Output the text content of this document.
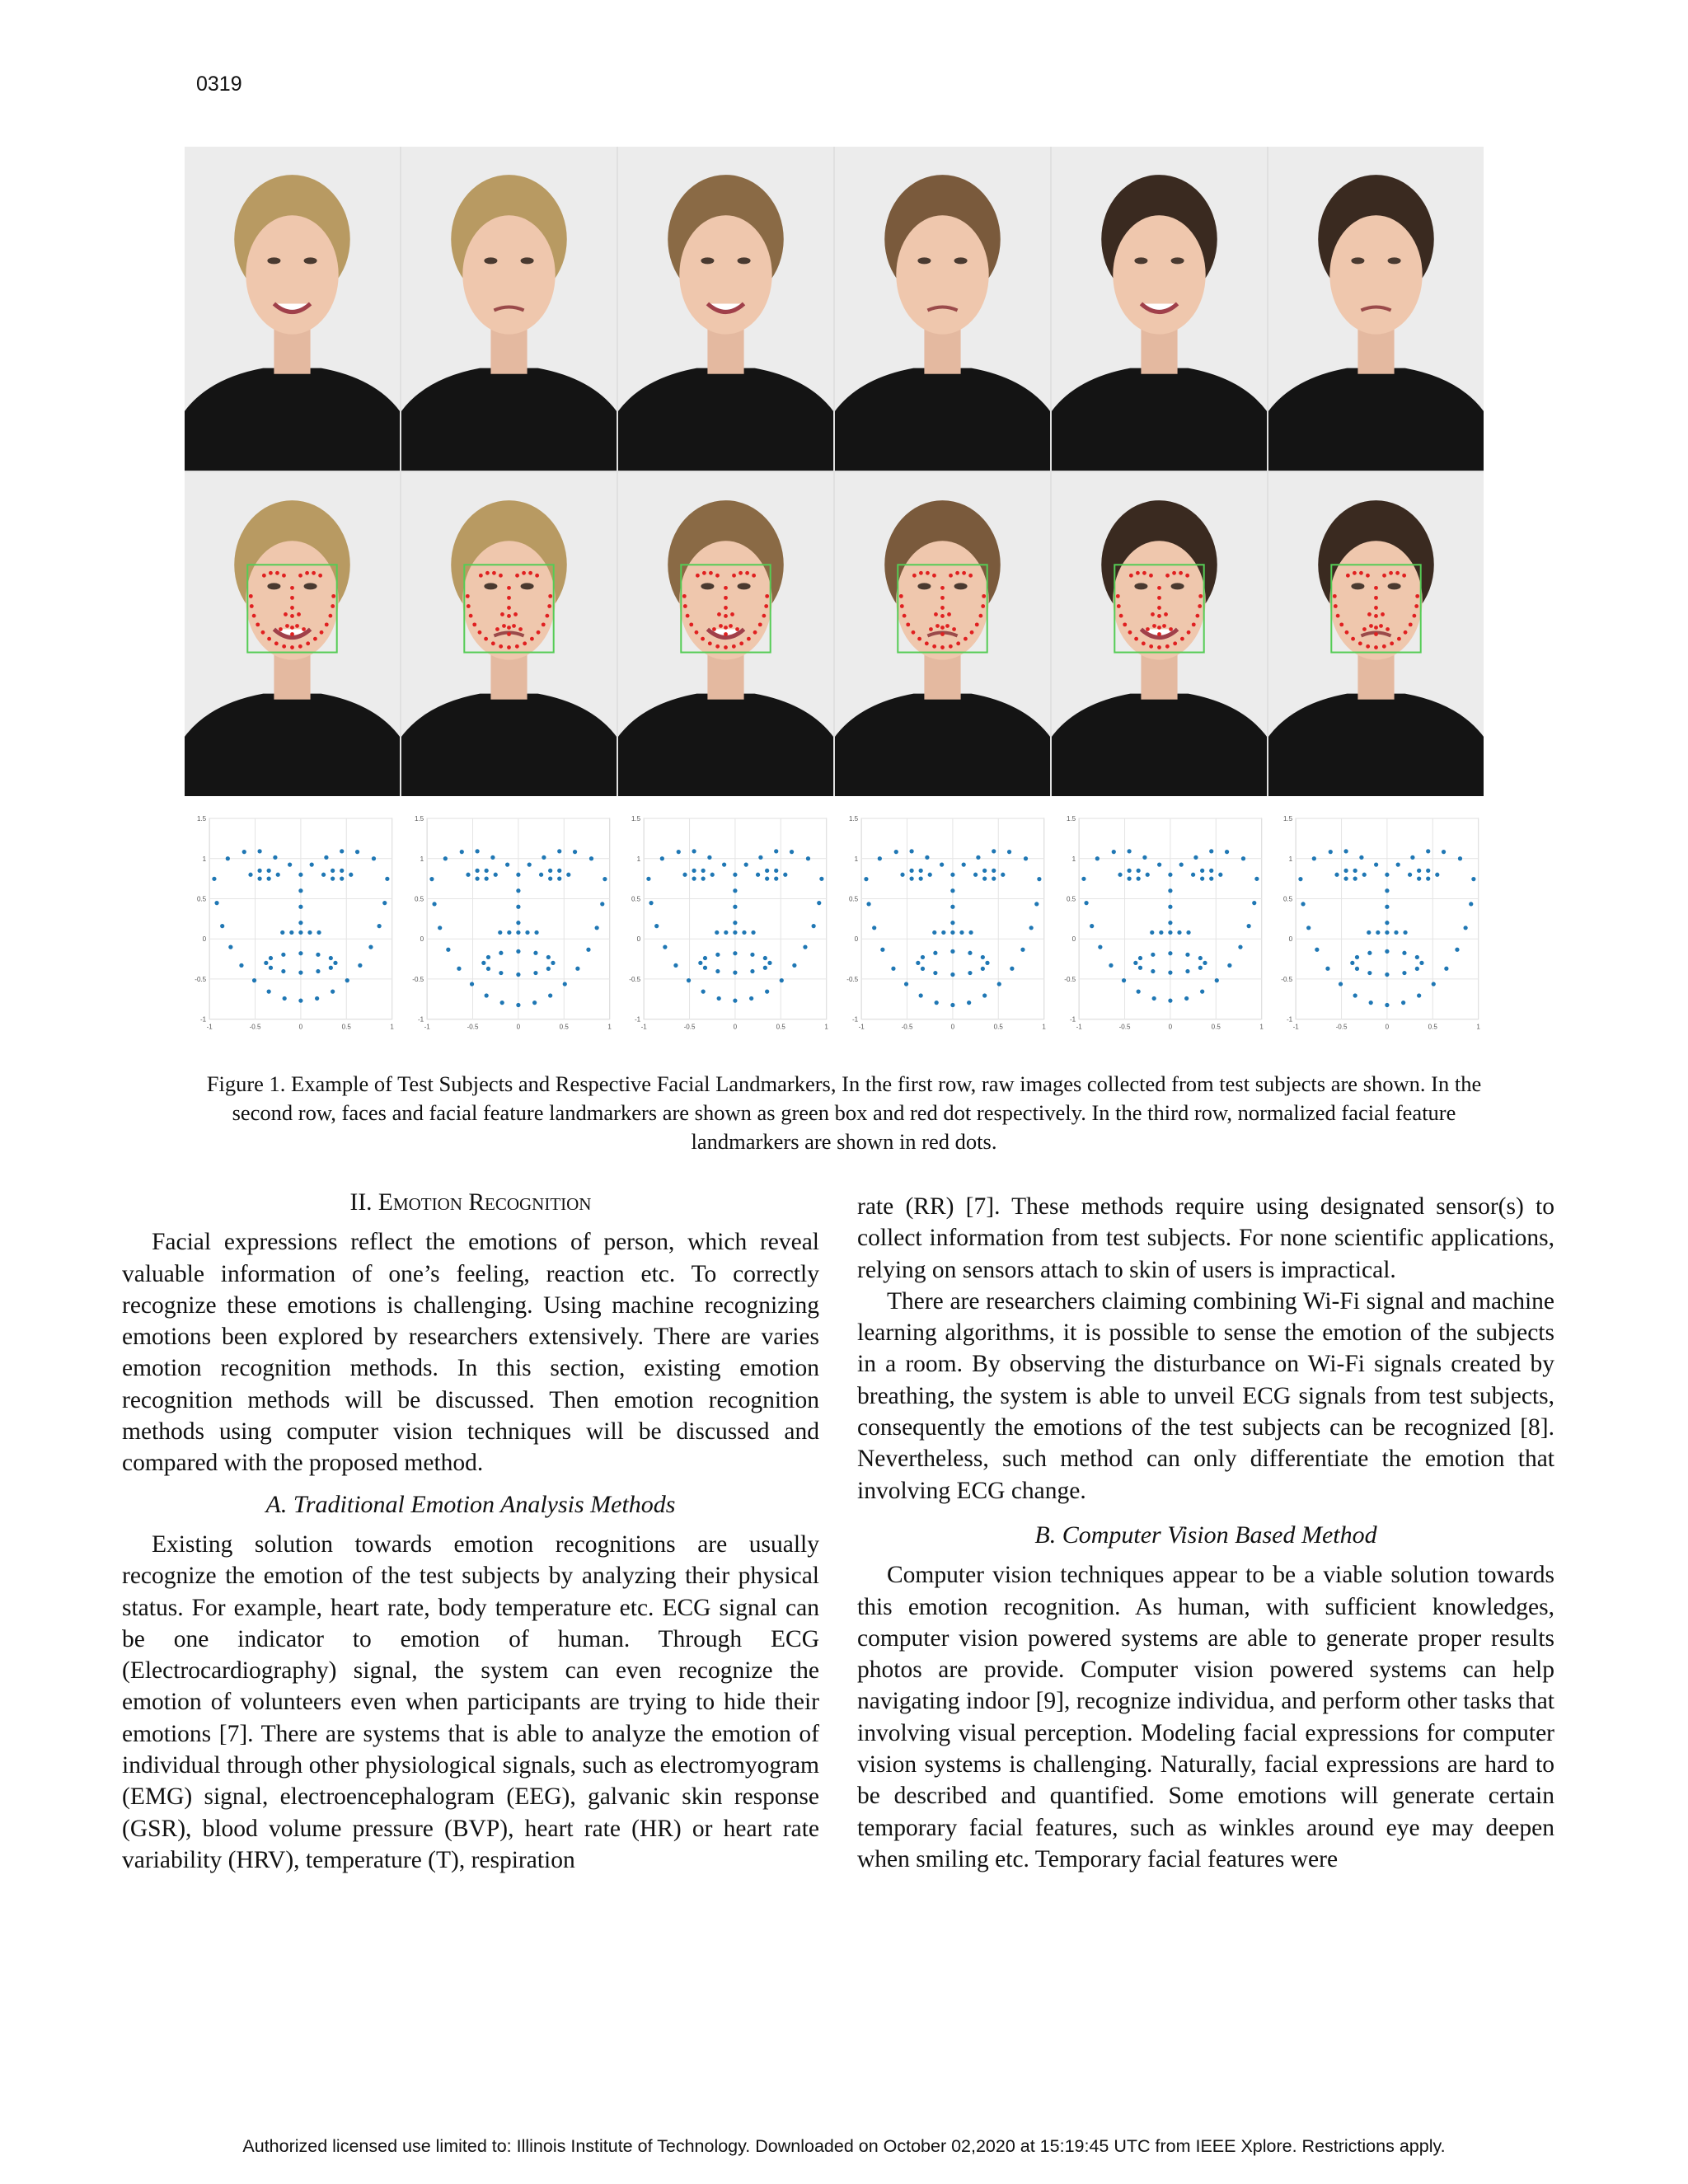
0319
-1	-0.5	0	0.5	1
1.5
1
0.5
0
-0.5
-1
-1	-0.5	0	0.5	1
1.5
1
0.5
0
-0.5
-1
-1	-0.5	0	0.5	1
1.5
1
0.5
0
-0.5
-1
-1	-0.5	0	0.5	1
1.5
1
0.5
0
-0.5
-1
-1	-0.5	0	0.5	1
1.5
1
0.5
0
-0.5
-1
-1	-0.5	0	0.5	1
1.5
1
0.5
0
-0.5
-1
Figure 1. Example of Test Subjects and Respective Facial Landmarkers, In the first row, raw images collected from test subjects are shown. In the second row, faces and facial feature landmarkers are shown as green box and red dot respectively. In the third row, normalized facial feature landmarkers are shown in red dots.
II. Emotion Recognition

Facial expressions reflect the emotions of person, which reveal valuable information of one’s feeling, reaction etc. To correctly recognize these emotions is challenging. Using machine recognizing emotions been explored by researchers extensively. There are varies emotion recognition methods. In this section, existing emotion recognition methods will be discussed. Then emotion recognition methods using computer vision techniques will be discussed and compared with the proposed method.

A. Traditional Emotion Analysis Methods

Existing solution towards emotion recognitions are usually recognize the emotion of the test subjects by analyzing their physical status. For example, heart rate, body temperature etc. ECG signal can be one indicator to emotion of human. Through ECG (Electrocardiography) signal, the system can even recognize the emotion of volunteers even when participants are trying to hide their emotions [7]. There are systems that is able to analyze the emotion of individual through other physiological signals, such as electromyogram (EMG) signal, electroencephalogram (EEG), galvanic skin response (GSR), blood volume pressure (BVP), heart rate (HR) or heart rate variability (HRV), temperature (T), respiration

rate (RR) [7]. These methods require using designated sensor(s) to collect information from test subjects. For none scientific applications, relying on sensors attach to skin of users is impractical.

There are researchers claiming combining Wi-Fi signal and machine learning algorithms, it is possible to sense the emotion of the subjects in a room. By observing the disturbance on Wi-Fi signals created by breathing, the system is able to unveil ECG signals from test subjects, consequently the emotions of the test subjects can be recognized [8]. Nevertheless, such method can only differentiate the emotion that involving ECG change.

B. Computer Vision Based Method

Computer vision techniques appear to be a viable solution towards this emotion recognition. As human, with sufficient knowledges, computer vision powered systems are able to generate proper results photos are provide. Computer vision powered systems can help navigating indoor [9], recognize individua, and perform other tasks that involving visual perception. Modeling facial expressions for computer vision systems is challenging. Naturally, facial expressions are hard to be described and quantified. Some emotions will generate certain temporary facial features, such as winkles around eye may deepen when smiling etc. Temporary facial features were

Authorized licensed use limited to: Illinois Institute of Technology. Downloaded on October 02,2020 at 15:19:45 UTC from IEEE Xplore. Restrictions apply.
